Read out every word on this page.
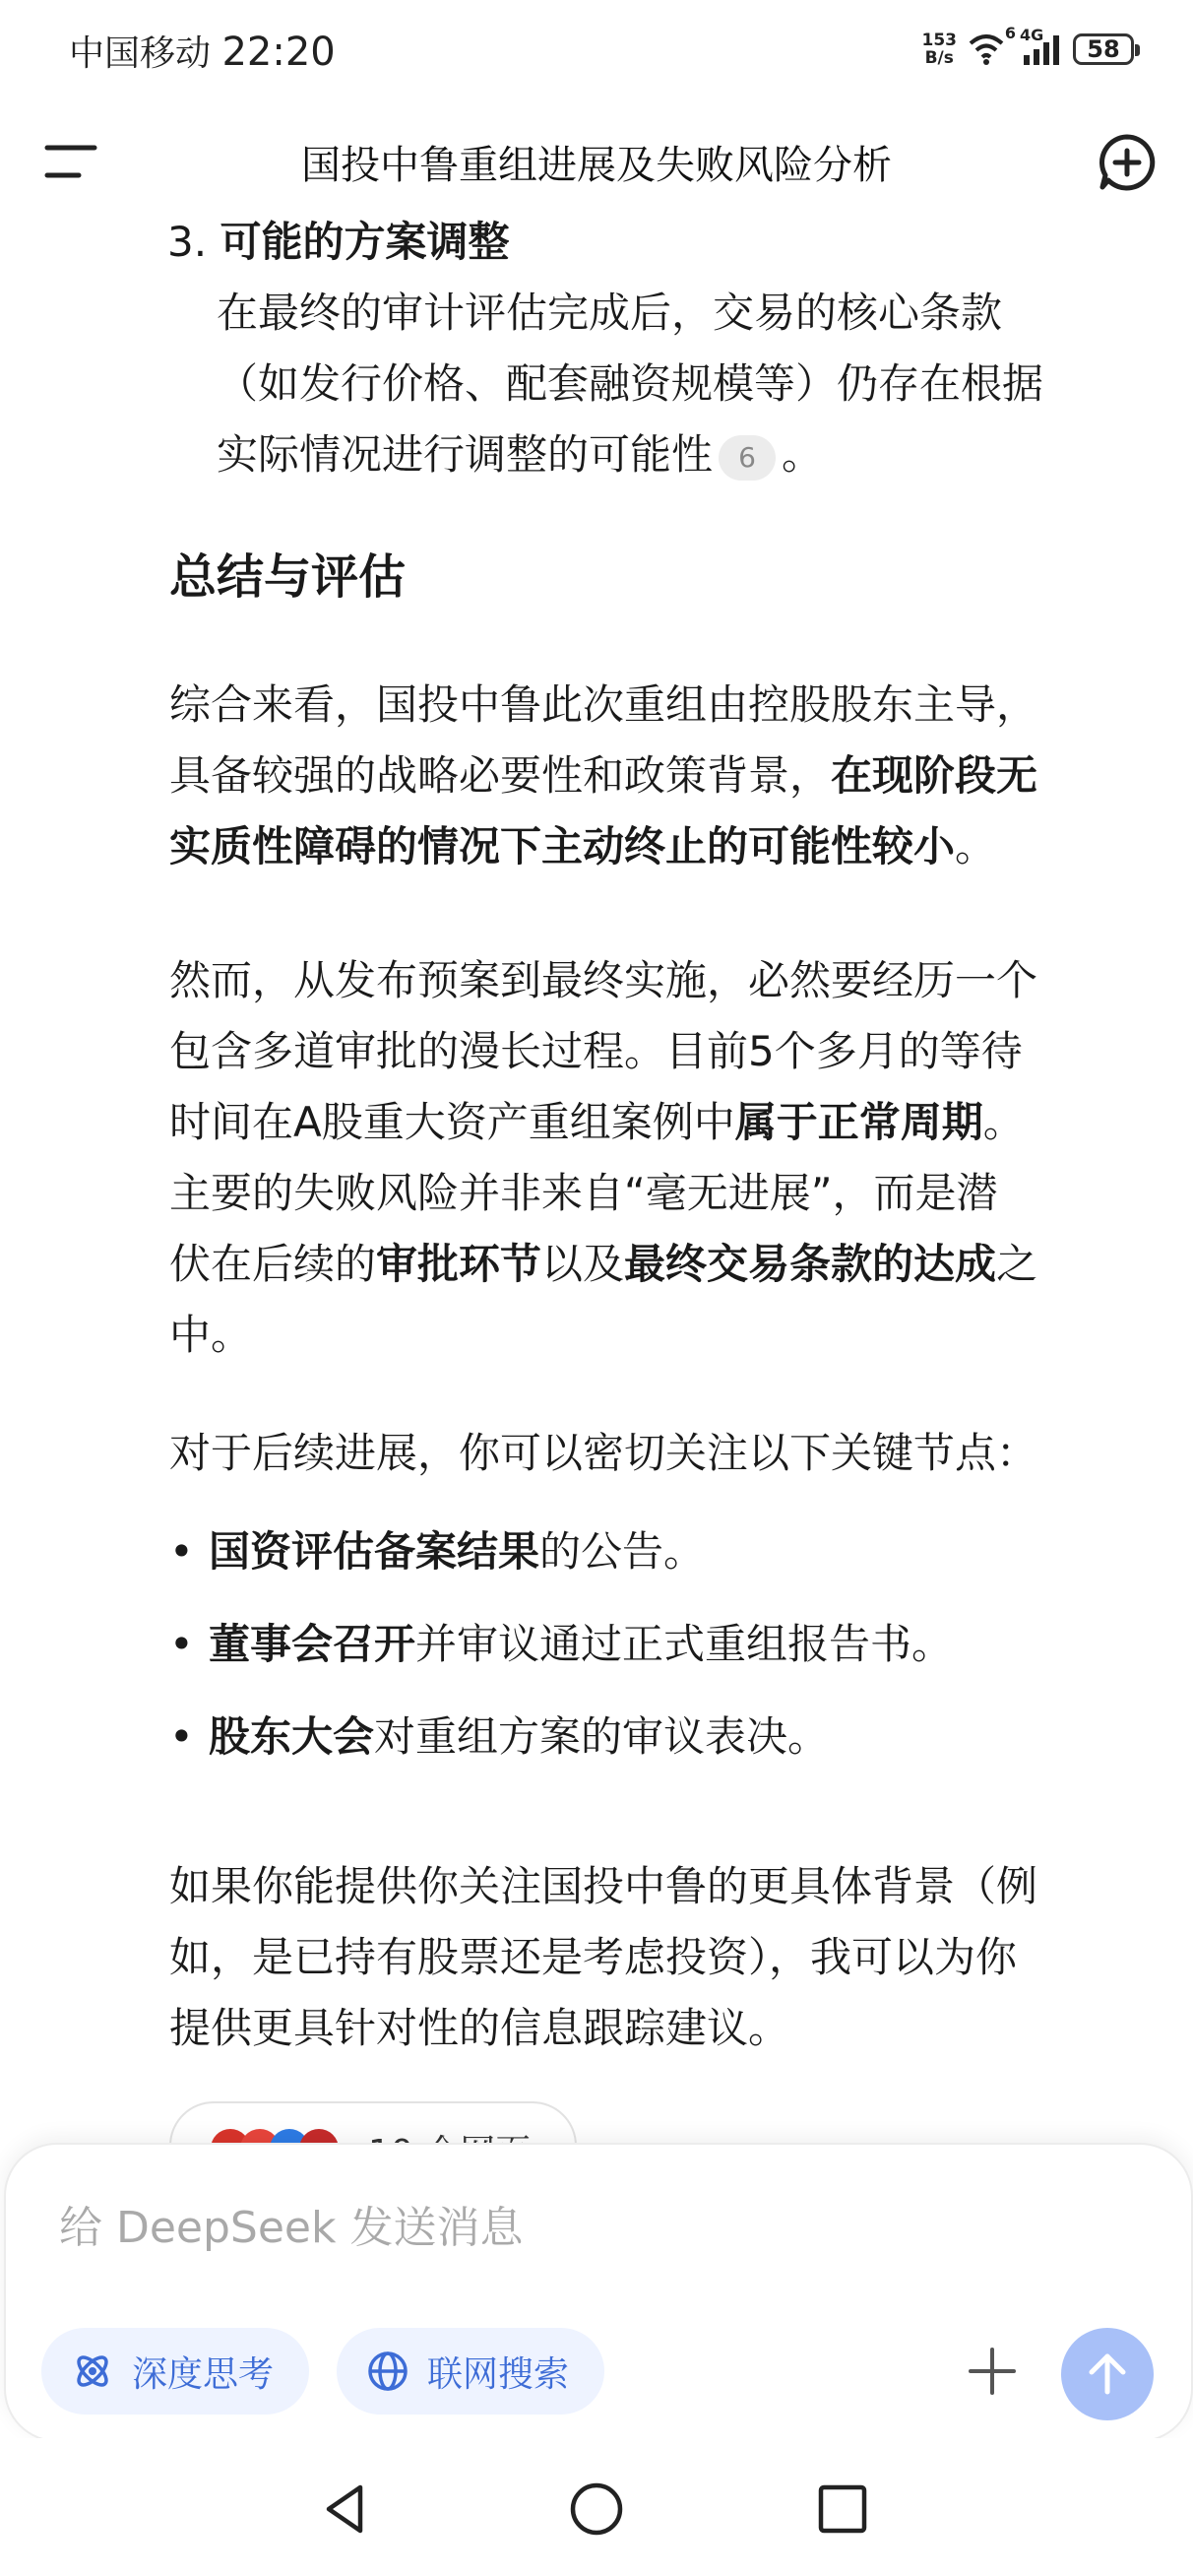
中国移动 22:20	153
B/s
6 4G
58
国投中鲁重组进展及失败风险分析

3. 可能的方案调整

在最终的审计评估完成后，交易的核心条款

（如发行价格、配套融资规模等）仍存在根据

实际情况进行调整的可能性 6 。

总结与评估

综合来看，国投中鲁此次重组由控股股东主导，

具备较强的战略必要性和政策背景，在现阶段无

实质性障碍的情况下主动终止的可能性较小。

然而，从发布预案到最终实施，必然要经历一个

包含多道审批的漫长过程。目前5个多月的等待

时间在A股重大资产重组案例中属于正常周期。

主要的失败风险并非来自“毫无进展”，而是潜

伏在后续的审批环节以及最终交易条款的达成之

中。

对于后续进展，你可以密切关注以下关键节点：

• 国资评估备案结果的公告。
• 董事会召开并审议通过正式重组报告书。
• 股东大会对重组方案的审议表决。

如果你能提供你关注国投中鲁的更具体背景（例

如，是已持有股票还是考虑投资），我可以为你

提供更具针对性的信息跟踪建议。

给 DeepSeek 发送消息
深度思考	联网搜索
